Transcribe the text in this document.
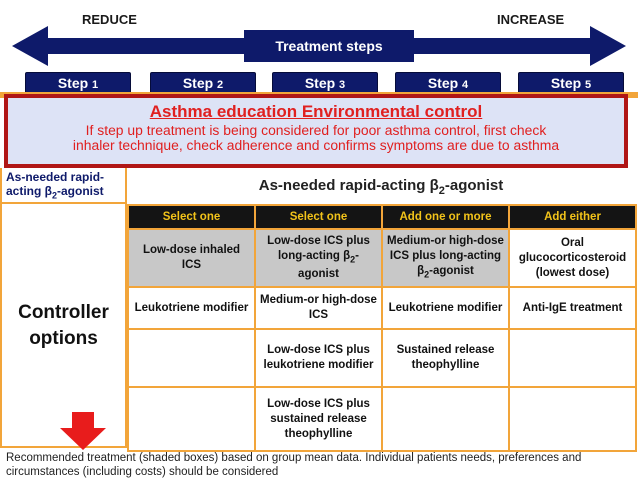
REDUCE	INCREASE
Treatment steps
Step 1	Step 2	Step 3	Step 4	Step 5
Asthma education Environmental control
If step up treatment is being considered for poor asthma control, first check
inhaler technique, check adherence and confirms symptoms are due to asthma
As-needed rapid-
acting $\beta_2$-agonist	As-needed rapid-acting $\beta_2$-agonist
Controller
options
Select one	Select one	Add one or more	Add either
Low-dose inhaled ICS	Low-dose ICS plus long-acting $\beta_2$-agonist	Medium-or high-dose ICS plus long-acting $\beta_2$-agonist	Oral glucocorticosteroid (lowest dose)
Leukotriene modifier	Medium-or high-dose ICS	Leukotriene modifier	Anti-IgE treatment
	Low-dose ICS plus leukotriene modifier	Sustained release theophylline	
	Low-dose ICS plus sustained release theophylline		
Recommended treatment (shaded boxes) based on group mean data. Individual patients needs, preferences and circumstances (including costs) should be considered
